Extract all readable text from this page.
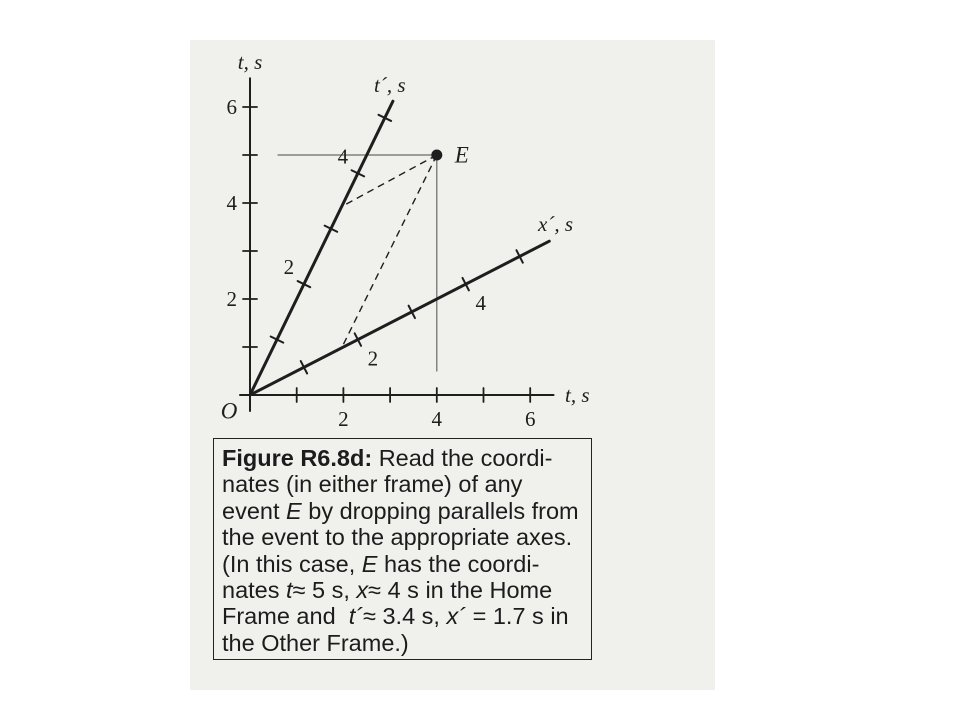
2
4
6
2	4	6
t, s
t, s
O
2
4
2
4
t´, s
x´, s
E
Figure R6.8d: Read the coordi-
nates (in either frame) of any
event E by dropping parallels from
the event to the appropriate axes.
(In this case, E has the coordi-
nates t≈ 5 s, x≈ 4 s in the Home
Frame and  t´≈ 3.4 s, x´ = 1.7 s in
the Other Frame.)
